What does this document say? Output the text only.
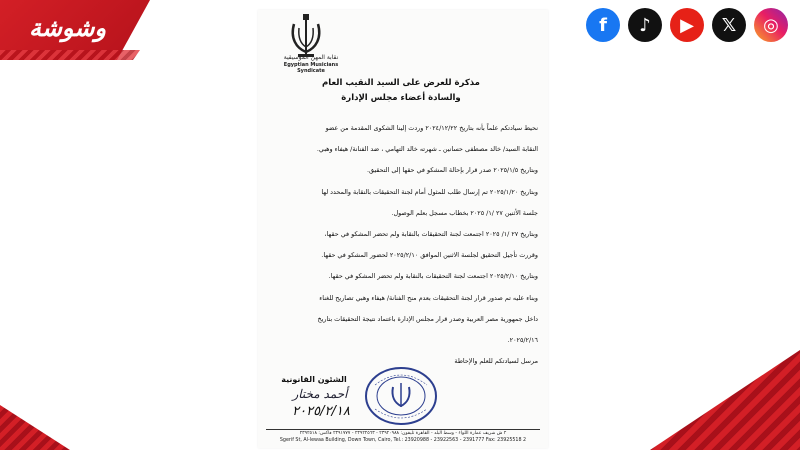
وشوشة	f	♪	▶	𝕏	◎
نقابة المهن الموسيقية
Egyptian Musicians Syndicate
مذكرة للعرض على السيد النقيب العام
والسادة أعضاء مجلس الإدارة
نحيط سيادتكم علماً بأنه بتاريخ ٢٠٢٤/١٢/٢٢ وردت إلينا الشكوى المقدمة من عضو
النقابة السيد/ خالد مصطفى حسانين ـ شهرته خالد التهامي ، ضد الفنانة/ هيفاء وهبي.
وبتاريخ ٢٠٢٥/١/٥ صدر قرار بإحالة المشكو في حقها إلى التحقيق.
وبتاريخ ٢٠٢٥/١/٢٠ تم إرسال طلب للمثول أمام لجنة التحقيقات بالنقابة والمحدد لها
جلسة الأثنين ٢٧ /١/ ٢٠٢٥ بخطاب مسجل بعلم الوصول.
وبتاريخ ٢٧ /١/ ٢٠٢٥ اجتمعت لجنة التحقيقات بالنقابة ولم تحضر المشكو في حقها،
وقررت تأجيل التحقيق لجلسة الاثنين الموافق ٢٠٢٥/٢/١٠ لحضور المشكو في حقها.
وبتاريخ ٢٠٢٥/٢/١٠ اجتمعت لجنة التحقيقات بالنقابة ولم تحضر المشكو في حقها.
وبناء عليه تم صدور قرار لجنة التحقيقات بعدم منح الفنانة/ هيفاء وهبي تصاريح للغناء
داخل جمهورية مصر العربية وصدر قرار مجلس الإدارة باعتماد نتيجة التحقيقات بتاريخ
٢٠٢٥/٢/١٦.
مرسل لسيادتكم للعلم والإحاطة
الشئون القانونية
أحمد مختار
٢٠٢٥/٢/١٨
٢ ش شريف عمارة اللواء - وسط البلد - القاهرة تليفون: ٢٣٩٢٠٩٨٨ - ٢٣٩٢٢٥٦٣ - ٢٣٩١٧٧٧ فاكس: ٢٣٩٢٥١٨
Sgerif St, Al-lewaa Building, Down Town, Cairo, Tel.: 23920988 - 23922563 - 2391777 Fax: 23925518 2
